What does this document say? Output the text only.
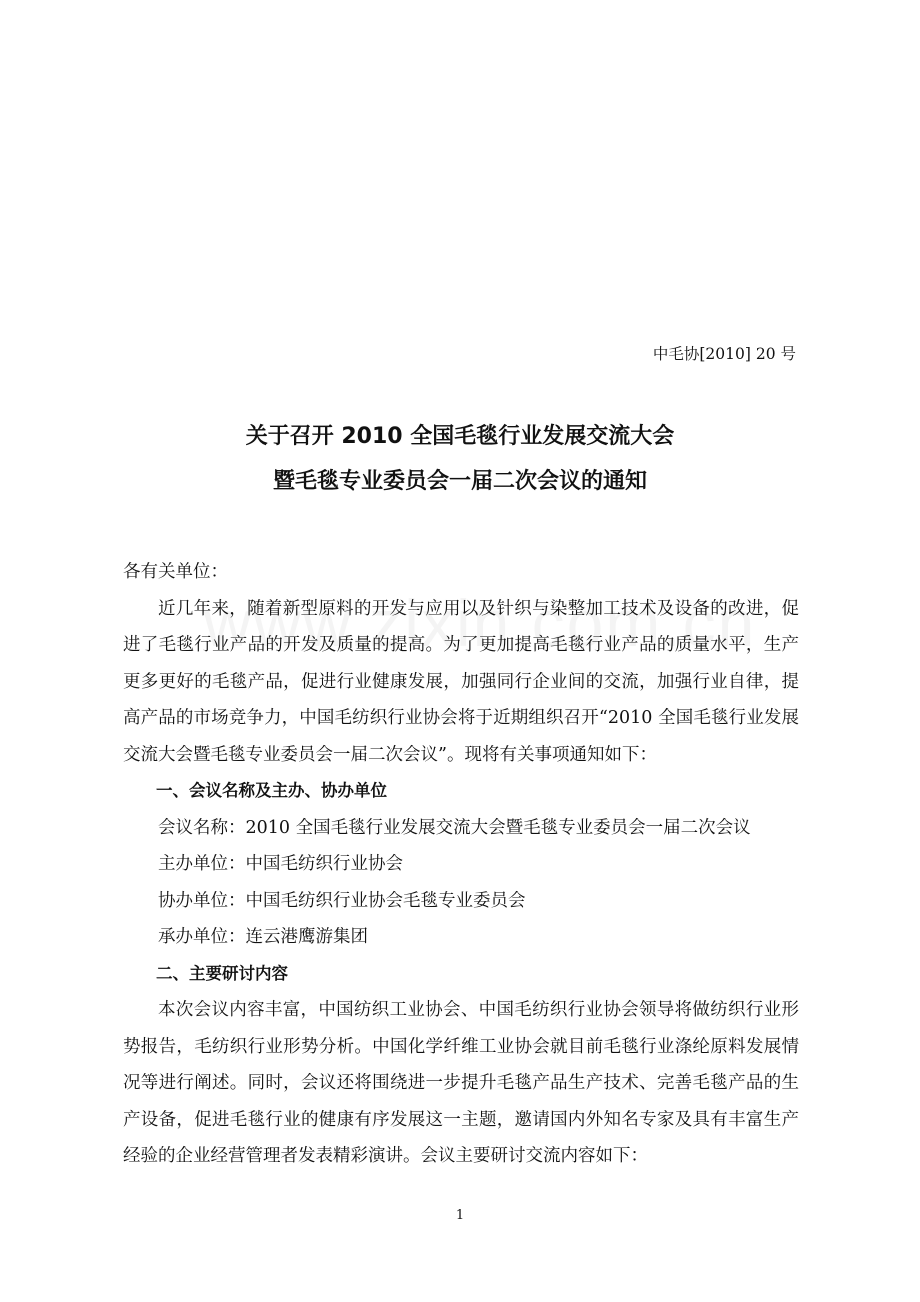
中毛协[2010] 20 号
关于召开 2010 全国毛毯行业发展交流大会
暨毛毯专业委员会一届二次会议的通知

各有关单位：

近几年来，随着新型原料的开发与应用以及针织与染整加工技术及设备的改进，促进了毛毯行业产品的开发及质量的提高。为了更加提高毛毯行业产品的质量水平，生产更多更好的毛毯产品，促进行业健康发展，加强同行企业间的交流，加强行业自律，提高产品的市场竞争力，中国毛纺织行业协会将于近期组织召开“2010 全国毛毯行业发展交流大会暨毛毯专业委员会一届二次会议”。现将有关事项通知如下：

一、会议名称及主办、协办单位

会议名称：2010 全国毛毯行业发展交流大会暨毛毯专业委员会一届二次会议

主办单位：中国毛纺织行业协会

协办单位：中国毛纺织行业协会毛毯专业委员会

承办单位：连云港鹰游集团

二、主要研讨内容

本次会议内容丰富，中国纺织工业协会、中国毛纺织行业协会领导将做纺织行业形势报告，毛纺织行业形势分析。中国化学纤维工业协会就目前毛毯行业涤纶原料发展情况等进行阐述。同时，会议还将围绕进一步提升毛毯产品生产技术、完善毛毯产品的生产设备，促进毛毯行业的健康有序发展这一主题，邀请国内外知名专家及具有丰富生产经验的企业经营管理者发表精彩演讲。会议主要研讨交流内容如下：

1
